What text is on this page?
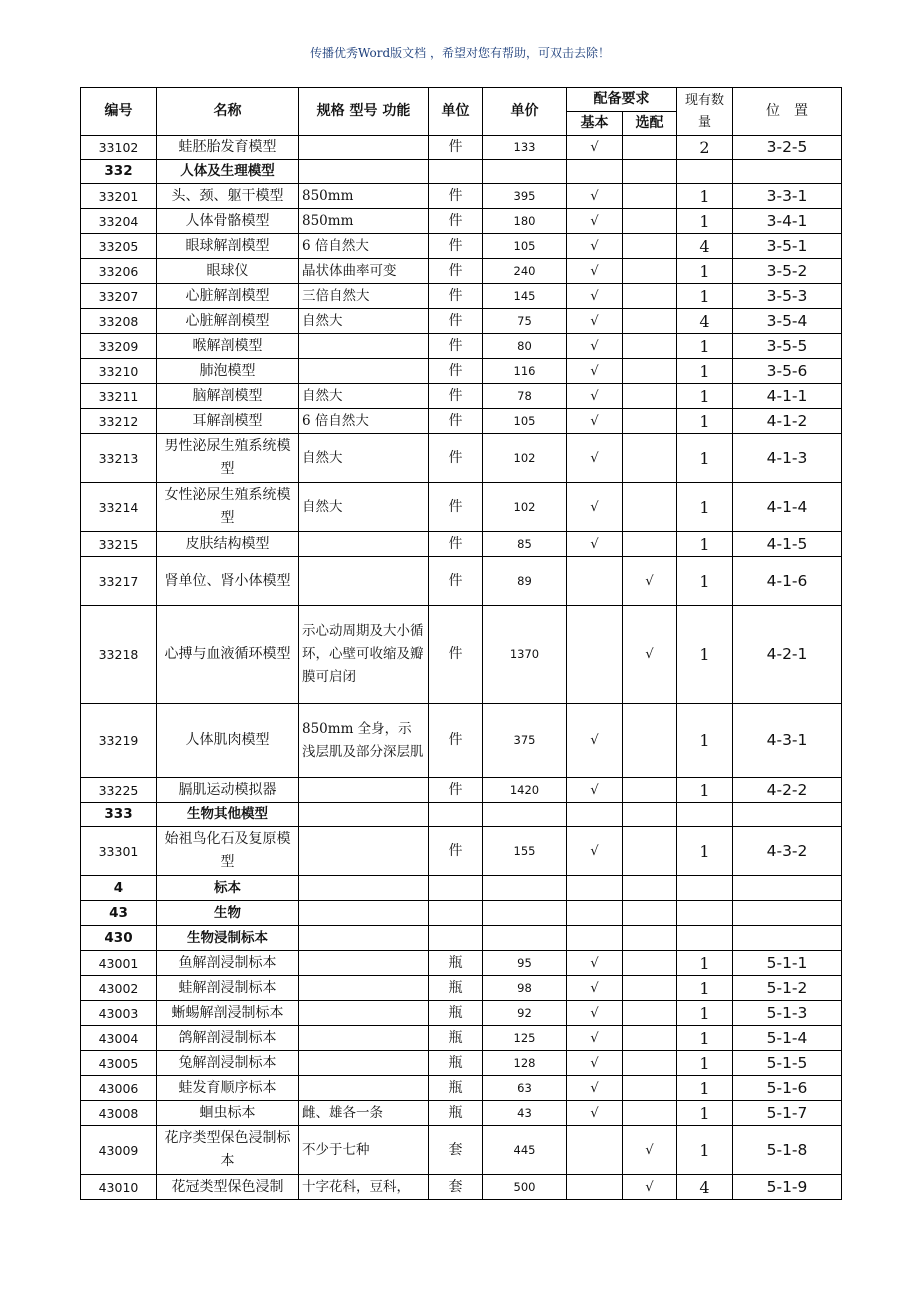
传播优秀Word版文档 ，希望对您有帮助，可双击去除！
编号	名称	规格 型号 功能	单位	单价	配备要求		现有数量	位　置
					基本	选配		
33102	蛙胚胎发育模型		件	133	√		2	3-2-5
332	人体及生理模型							
33201	头、颈、躯干模型	850mm	件	395	√		1	3-3-1
33204	人体骨骼模型	850mm	件	180	√		1	3-4-1
33205	眼球解剖模型	6 倍自然大	件	105	√		4	3-5-1
33206	眼球仪	晶状体曲率可变	件	240	√		1	3-5-2
33207	心脏解剖模型	三倍自然大	件	145	√		1	3-5-3
33208	心脏解剖模型	自然大	件	75	√		4	3-5-4
33209	喉解剖模型		件	80	√		1	3-5-5
33210	肺泡模型		件	116	√		1	3-5-6
33211	脑解剖模型	自然大	件	78	√		1	4-1-1
33212	耳解剖模型	6 倍自然大	件	105	√		1	4-1-2
33213	男性泌尿生殖系统模型	自然大	件	102	√		1	4-1-3
33214	女性泌尿生殖系统模型	自然大	件	102	√		1	4-1-4
33215	皮肤结构模型		件	85	√		1	4-1-5
33217	肾单位、肾小体模型		件	89		√	1	4-1-6
33218	心搏与血液循环模型	示心动周期及大小循环，心壁可收缩及瓣膜可启闭	件	1370		√	1	4-2-1
33219	人体肌肉模型	850mm 全身，示浅层肌及部分深层肌	件	375	√		1	4-3-1
33225	膈肌运动模拟器		件	1420	√		1	4-2-2
333	生物其他模型							
33301	始祖鸟化石及复原模型		件	155	√		1	4-3-2
4	标本							
43	生物							
430	生物浸制标本							
43001	鱼解剖浸制标本		瓶	95	√		1	5-1-1
43002	蛙解剖浸制标本		瓶	98	√		1	5-1-2
43003	蜥蜴解剖浸制标本		瓶	92	√		1	5-1-3
43004	鸽解剖浸制标本		瓶	125	√		1	5-1-4
43005	兔解剖浸制标本		瓶	128	√		1	5-1-5
43006	蛙发育顺序标本		瓶	63	√		1	5-1-6
43008	蛔虫标本	雌、雄各一条	瓶	43	√		1	5-1-7
43009	花序类型保色浸制标本	不少于七种	套	445		√	1	5-1-8
43010	花冠类型保色浸制	十字花科，豆科，	套	500		√	4	5-1-9
